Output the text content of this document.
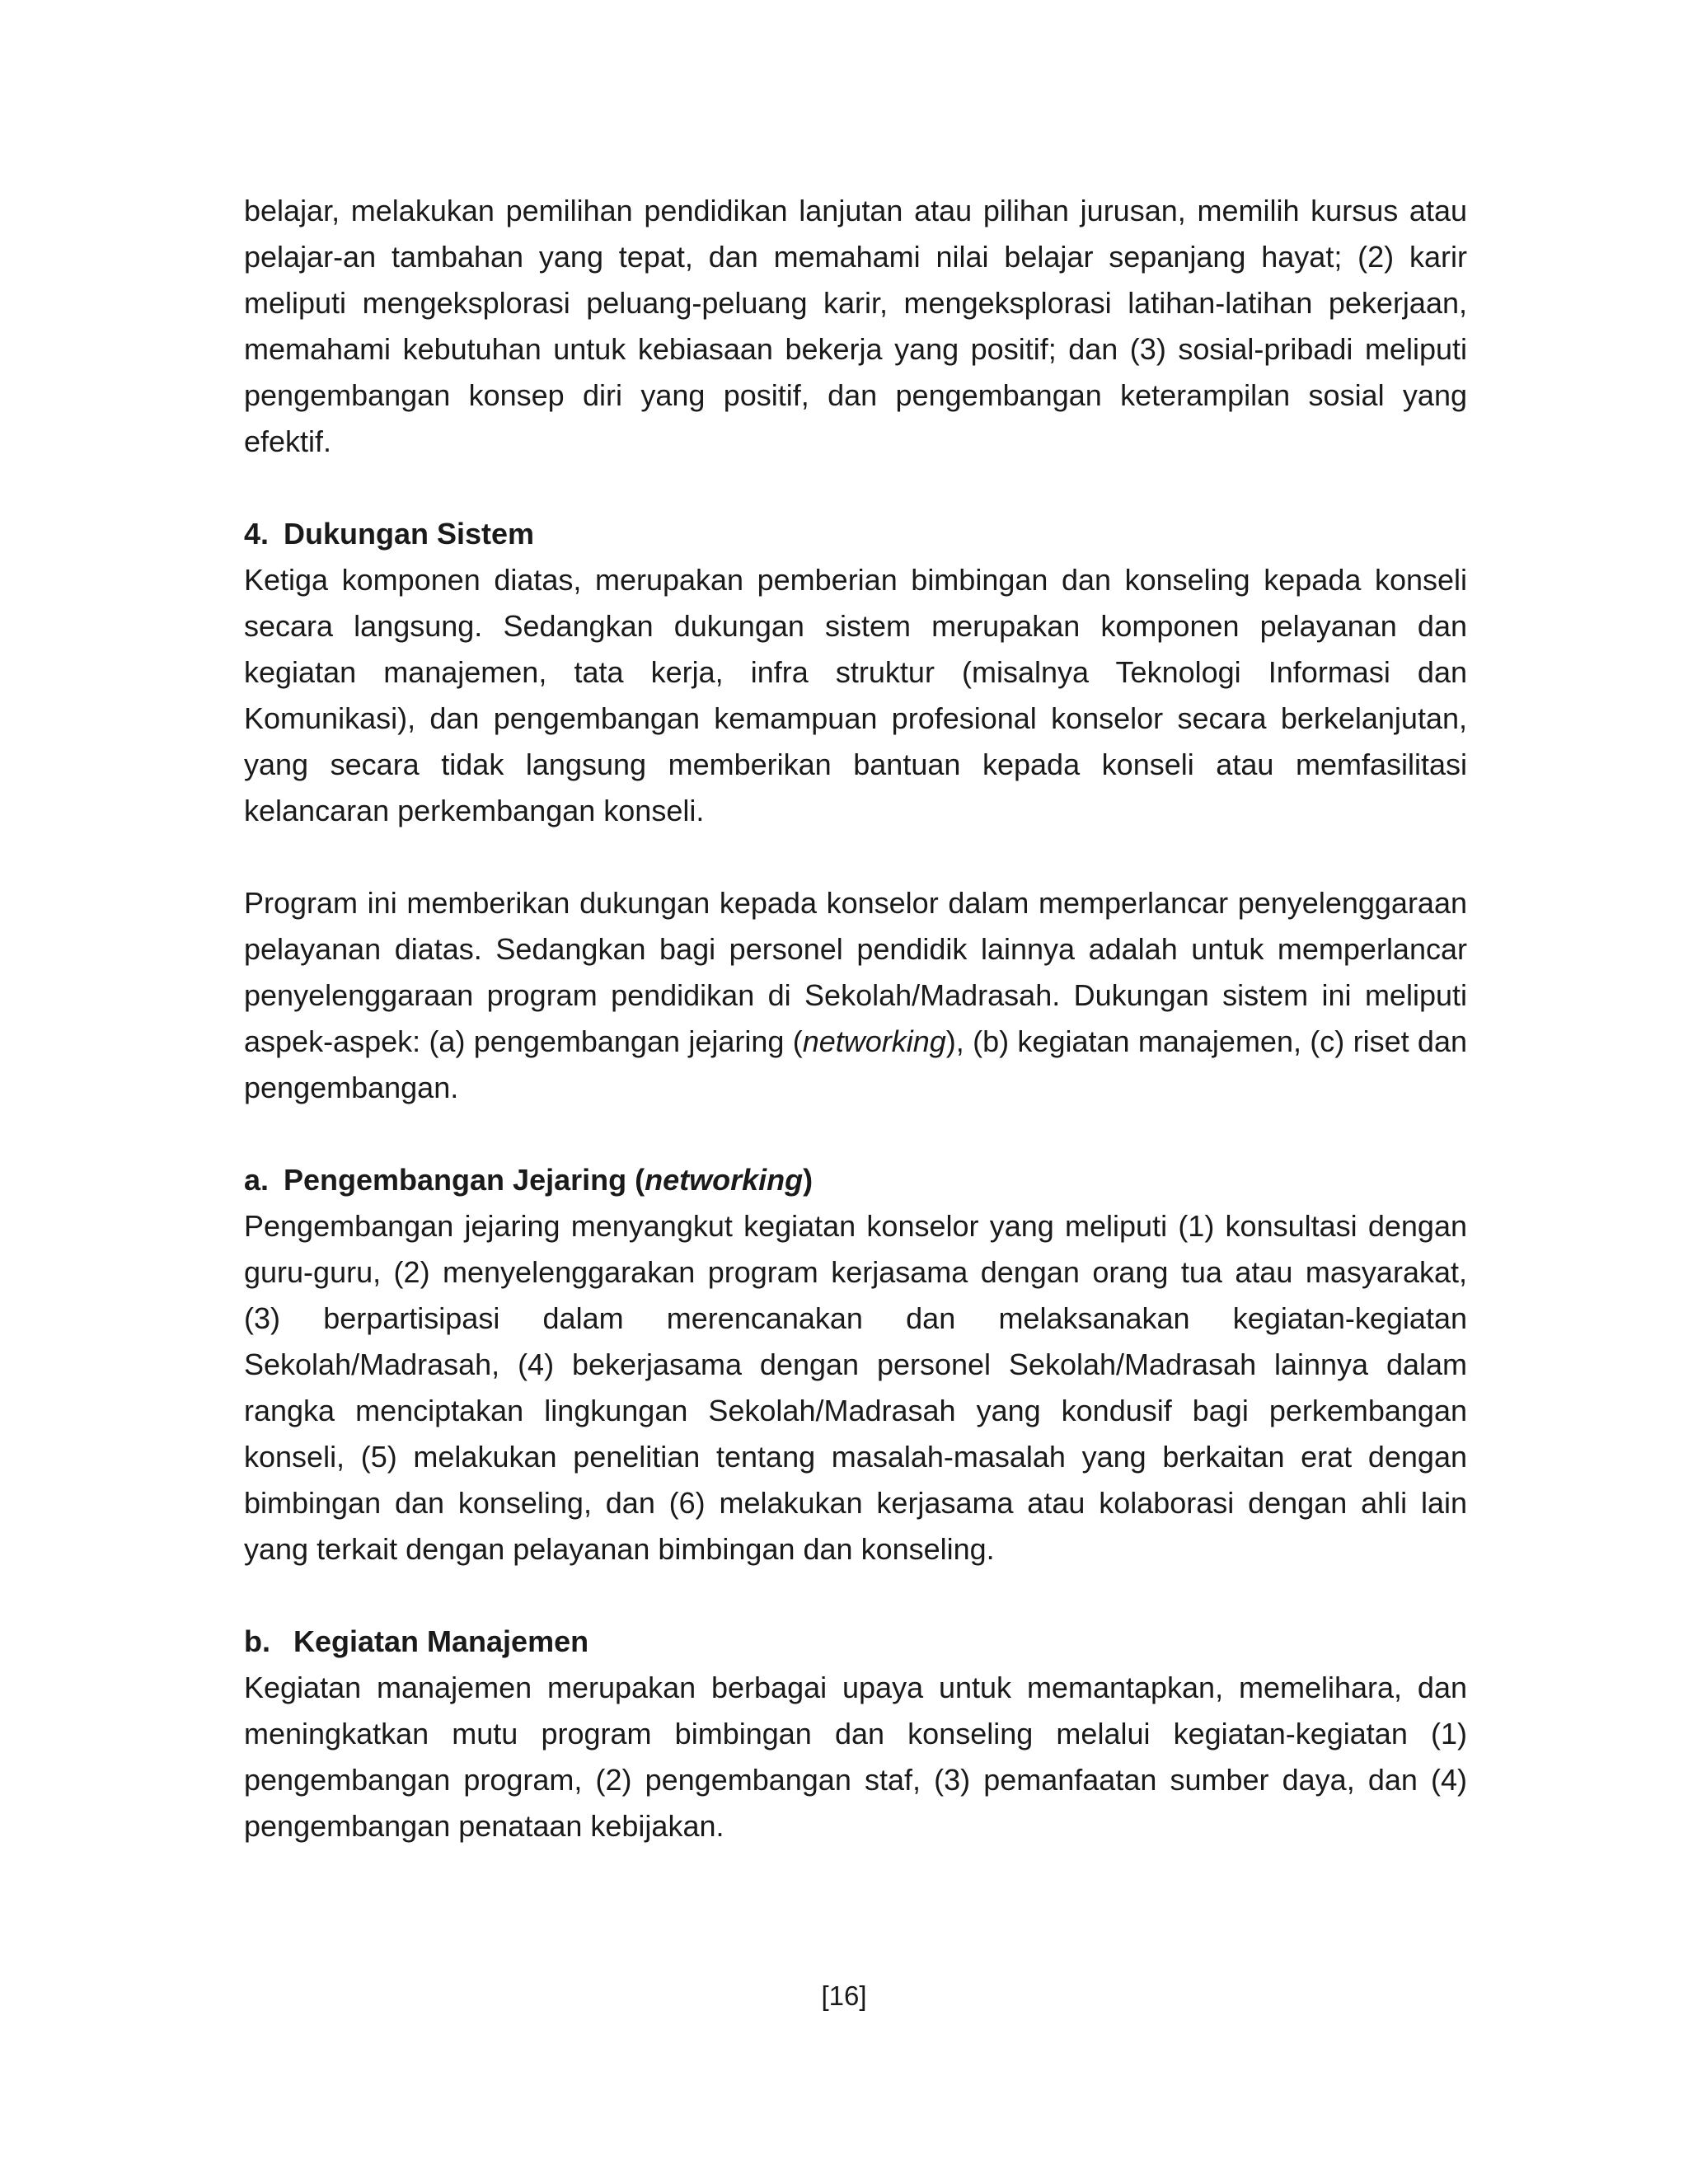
belajar, melakukan pemilihan pendidikan lanjutan atau pilihan jurusan, memilih kursus atau pelajar-an tambahan yang tepat, dan memahami nilai belajar sepanjang hayat; (2) karir meliputi mengeksplorasi peluang-peluang karir, mengeksplorasi latihan-latihan pekerjaan, memahami kebutuhan untuk kebiasaan bekerja yang positif; dan (3) sosial-pribadi meliputi pengembangan konsep diri yang positif, dan pengembangan keterampilan sosial yang efektif.

4. Dukungan Sistem

Ketiga komponen diatas, merupakan pemberian bimbingan dan konseling kepada konseli secara langsung. Sedangkan dukungan sistem merupakan komponen pelayanan dan kegiatan manajemen, tata kerja, infra struktur (misalnya Teknologi Informasi dan Komunikasi), dan pengembangan kemampuan profesional konselor secara berkelanjutan, yang secara tidak langsung memberikan bantuan kepada konseli atau memfasilitasi kelancaran perkembangan konseli.

Program ini memberikan dukungan kepada konselor dalam memperlancar penyelenggaraan pelayanan diatas. Sedangkan bagi personel pendidik lainnya adalah untuk memperlancar penyelenggaraan program pendidikan di Sekolah/Madrasah. Dukungan sistem ini meliputi aspek-aspek: (a) pengembangan jejaring (networking), (b) kegiatan manajemen, (c) riset dan pengembangan.

a. Pengembangan Jejaring (networking)

Pengembangan jejaring menyangkut kegiatan konselor yang meliputi (1) konsultasi dengan guru-guru, (2) menyelenggarakan program kerjasama dengan orang tua atau masyarakat, (3) berpartisipasi dalam merencanakan dan melaksanakan kegiatan-kegiatan Sekolah/Madrasah, (4) bekerjasama dengan personel Sekolah/Madrasah lainnya dalam rangka menciptakan lingkungan Sekolah/Madrasah yang kondusif bagi perkembangan konseli, (5) melakukan penelitian tentang masalah-masalah yang berkaitan erat dengan bimbingan dan konseling, dan (6) melakukan kerjasama atau kolaborasi dengan ahli lain yang terkait dengan pelayanan bimbingan dan konseling.

b. Kegiatan Manajemen

Kegiatan manajemen merupakan berbagai upaya untuk memantapkan, memelihara, dan meningkatkan mutu program bimbingan dan konseling melalui kegiatan-kegiatan (1) pengembangan program, (2) pengembangan staf, (3) pemanfaatan sumber daya, dan (4) pengembangan penataan kebijakan.

[16]
